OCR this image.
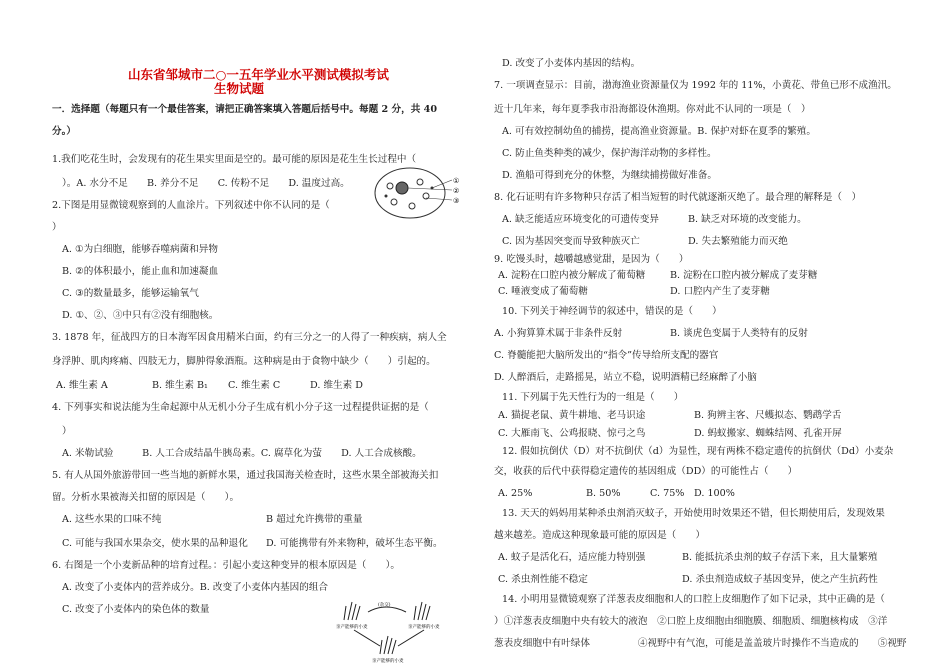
山东省邹城市二○一五年学业水平测试模拟考试
生物试题
一．选择题（每题只有一个最佳答案，请把正确答案填入答题后括号中。每题 2 分，共 40
分。）
1.我们吃花生时，会发现有的花生果实里面是空的。最可能的原因是花生生长过程中（
）。A. 水分不足　　B. 养分不足　　C. 传粉不足　　D. 温度过高。	①
②
③
2.下图是用显微镜观察到的人血涂片。下列叙述中你不认同的是（
）
A. ①为白细胞，能够吞噬病菌和异物
B. ②的体积最小，能止血和加速凝血
C. ③的数量最多，能够运输氧气
D. ①、②、③中只有②没有细胞核。
3. 1878 年，征战四方的日本海军因食用精米白面，约有三分之一的人得了一种疾病，病人全
身浮肿、肌肉疼痛、四肢无力，脚肿得象酒瓶。这种病是由于食物中缺少（　　）引起的。
A. 维生素 A	B. 维生素 B₁ C. 维生素 C	D. 维生素 D
4. 下列事实和说法能为生命起源中从无机小分子生成有机小分子这一过程提供证据的是（
）
A. 米勒试验　　　B. 人工合成结晶牛胰岛素。C. 腐草化为萤　　D. 人工合成核酸。
5. 有人从国外旅游带回一些当地的新鲜水果，通过我国海关检查时，这些水果全部被海关扣
留。分析水果被海关扣留的原因是（　　）。
A. 这些水果的口味不纯	B 超过允许携带的重量
C. 可能与我国水果杂交，使水果的品种退化 D. 可能携带有外来物种，破坏生态平衡。
6. 右图是一个小麦新品种的培育过程。：引起小麦这种变异的根本原因是（　　）。
A. 改变了小麦体内的营养成分。B. 改变了小麦体内基因的组合
C. 改变了小麦体内的染色体的数量	(杂交)
亲产能够的小麦	亲产能够的小麦
亲产能够的小麦
D. 改变了小麦体内基因的结构。
7. 一项调查显示：目前，渤海渔业资源量仅为 1992 年的 11%，小黄花、带鱼已形不成渔汛。
近十几年来，每年夏季我市沿海都设休渔期。你对此不认同的一项是（　）
A. 可有效控制幼鱼的捕捞，提高渔业资源量。B. 保护对虾在夏季的繁殖。
C. 防止鱼类种类的减少，保护海洋动物的多样性。
D. 渔船可得到充分的休整，为继续捕捞做好准备。
8. 化石证明有许多物种只存活了相当短暂的时代就逐渐灭绝了。最合理的解释是（　）
A. 缺乏能适应环境变化的可遗传变异	B. 缺乏对环境的改变能力。
C. 因为基因突变而导致种族灭亡	D. 失去繁殖能力而灭绝
9. 吃馒头时，越嚼越感觉甜，是因为（　　）
A. 淀粉在口腔内被分解成了葡萄糖	B. 淀粉在口腔内被分解成了麦芽糖
C. 唾液变成了葡萄糖	D. 口腔内产生了麦芽糖
10. 下列关于神经调节的叙述中，错误的是（　　）
A. 小狗算算术属于非条件反射	B. 谈虎色变属于人类特有的反射
C. 脊髓能把大脑所发出的“指令”传导给所支配的器官
D. 人醉酒后，走路摇晃，站立不稳，说明酒精已经麻醉了小脑
11. 下列属于先天性行为的一组是（　　）
A. 猫捉老鼠、黄牛耕地、老马识途	B. 狗辨主客、尺蠖拟态、鹦鹉学舌
C. 大雁南飞、公鸡报晓、惊弓之鸟	D. 蚂蚁搬家、蜘蛛结网、孔雀开屏
12. 假如抗倒伏（D）对不抗倒伏（d）为显性，现有两株不稳定遗传的抗倒伏（Dd）小麦杂
交，收获的后代中获得稳定遗传的基因组成（DD）的可能性占（　　）
A. 25%	B. 50%	C. 75% D. 100%
13. 天天的妈妈用某种杀虫剂消灭蚊子，开始使用时效果还不错，但长期使用后，发现效果
越来越差。造成这种现象最可能的原因是（　　）
A. 蚊子是活化石，适应能力特别强	B. 能抵抗杀虫剂的蚊子存活下来，且大量繁殖
C. 杀虫剂性能不稳定	D. 杀虫剂造成蚊子基因变异，使之产生抗药性
14. 小明用显微镜观察了洋葱表皮细胞和人的口腔上皮细胞作了如下记录，其中正确的是（
）①洋葱表皮细胞中央有较大的液泡　②口腔上皮细胞由细胞膜、细胞质、细胞核构成　③洋
葱表皮细胞中有叶绿体　　　　　④视野中有气泡，可能是盖盖玻片时操作不当造成的　　⑤视野
